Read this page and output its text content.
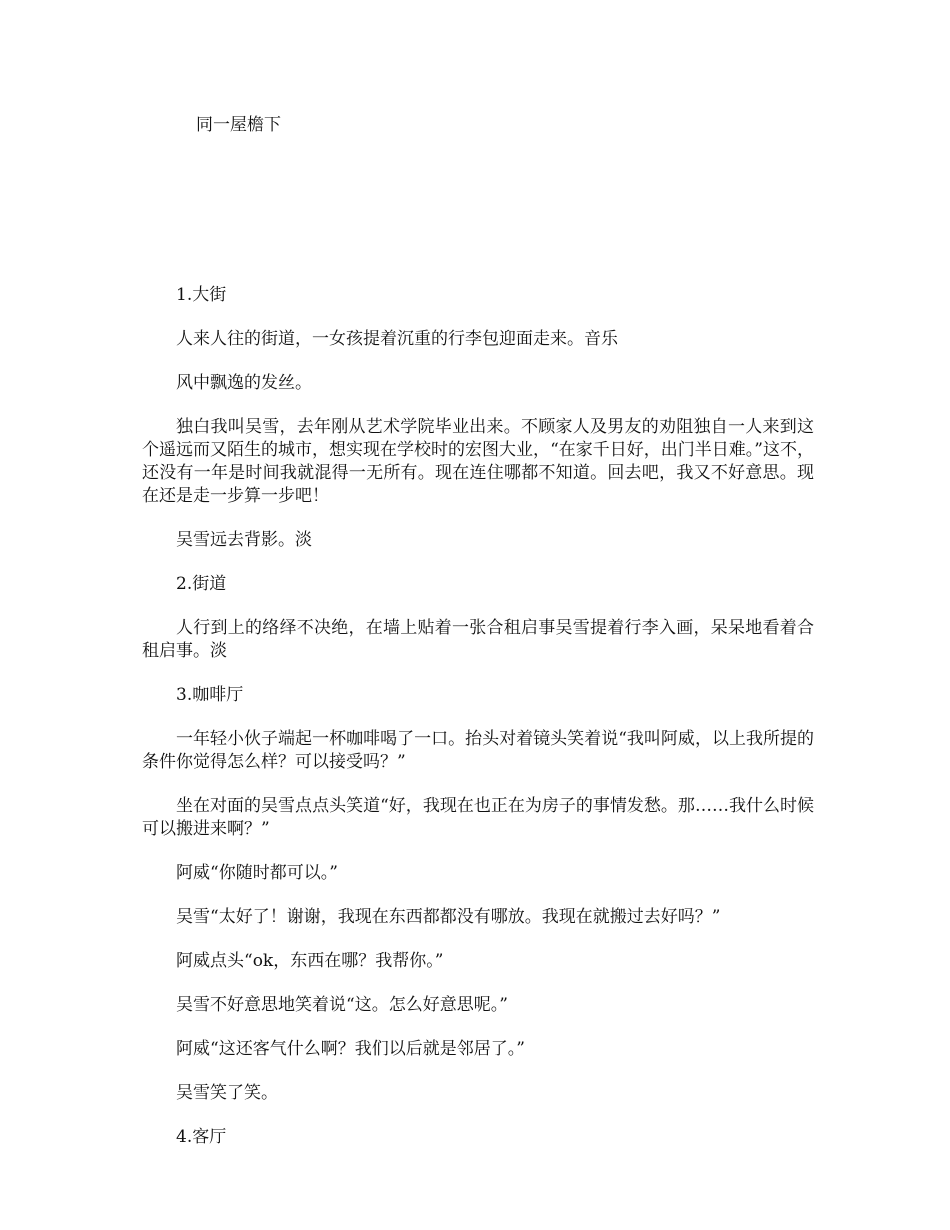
同一屋檐下

1.大街

人来人往的街道，一女孩提着沉重的行李包迎面走来。音乐

风中飘逸的发丝。

独白我叫吴雪，去年刚从艺术学院毕业出来。不顾家人及男友的劝阻独自一人来到这个遥远而又陌生的城市，想实现在学校时的宏图大业，“在家千日好，出门半日难。”这不，还没有一年是时间我就混得一无所有。现在连住哪都不知道。回去吧，我又不好意思。现在还是走一步算一步吧！

吴雪远去背影。淡

2.街道

人行到上的络绎不决绝，在墙上贴着一张合租启事吴雪提着行李入画，呆呆地看着合租启事。淡

3.咖啡厅

一年轻小伙子端起一杯咖啡喝了一口。抬头对着镜头笑着说“我叫阿威，以上我所提的条件你觉得怎么样？可以接受吗？”

坐在对面的吴雪点点头笑道“好，我现在也正在为房子的事情发愁。那……我什么时候可以搬进来啊？”

阿威“你随时都可以。”

吴雪“太好了！谢谢，我现在东西都都没有哪放。我现在就搬过去好吗？”

阿威点头“ok，东西在哪？我帮你。”

吴雪不好意思地笑着说“这。怎么好意思呢。”

阿威“这还客气什么啊？我们以后就是邻居了。”

吴雪笑了笑。

4.客厅
